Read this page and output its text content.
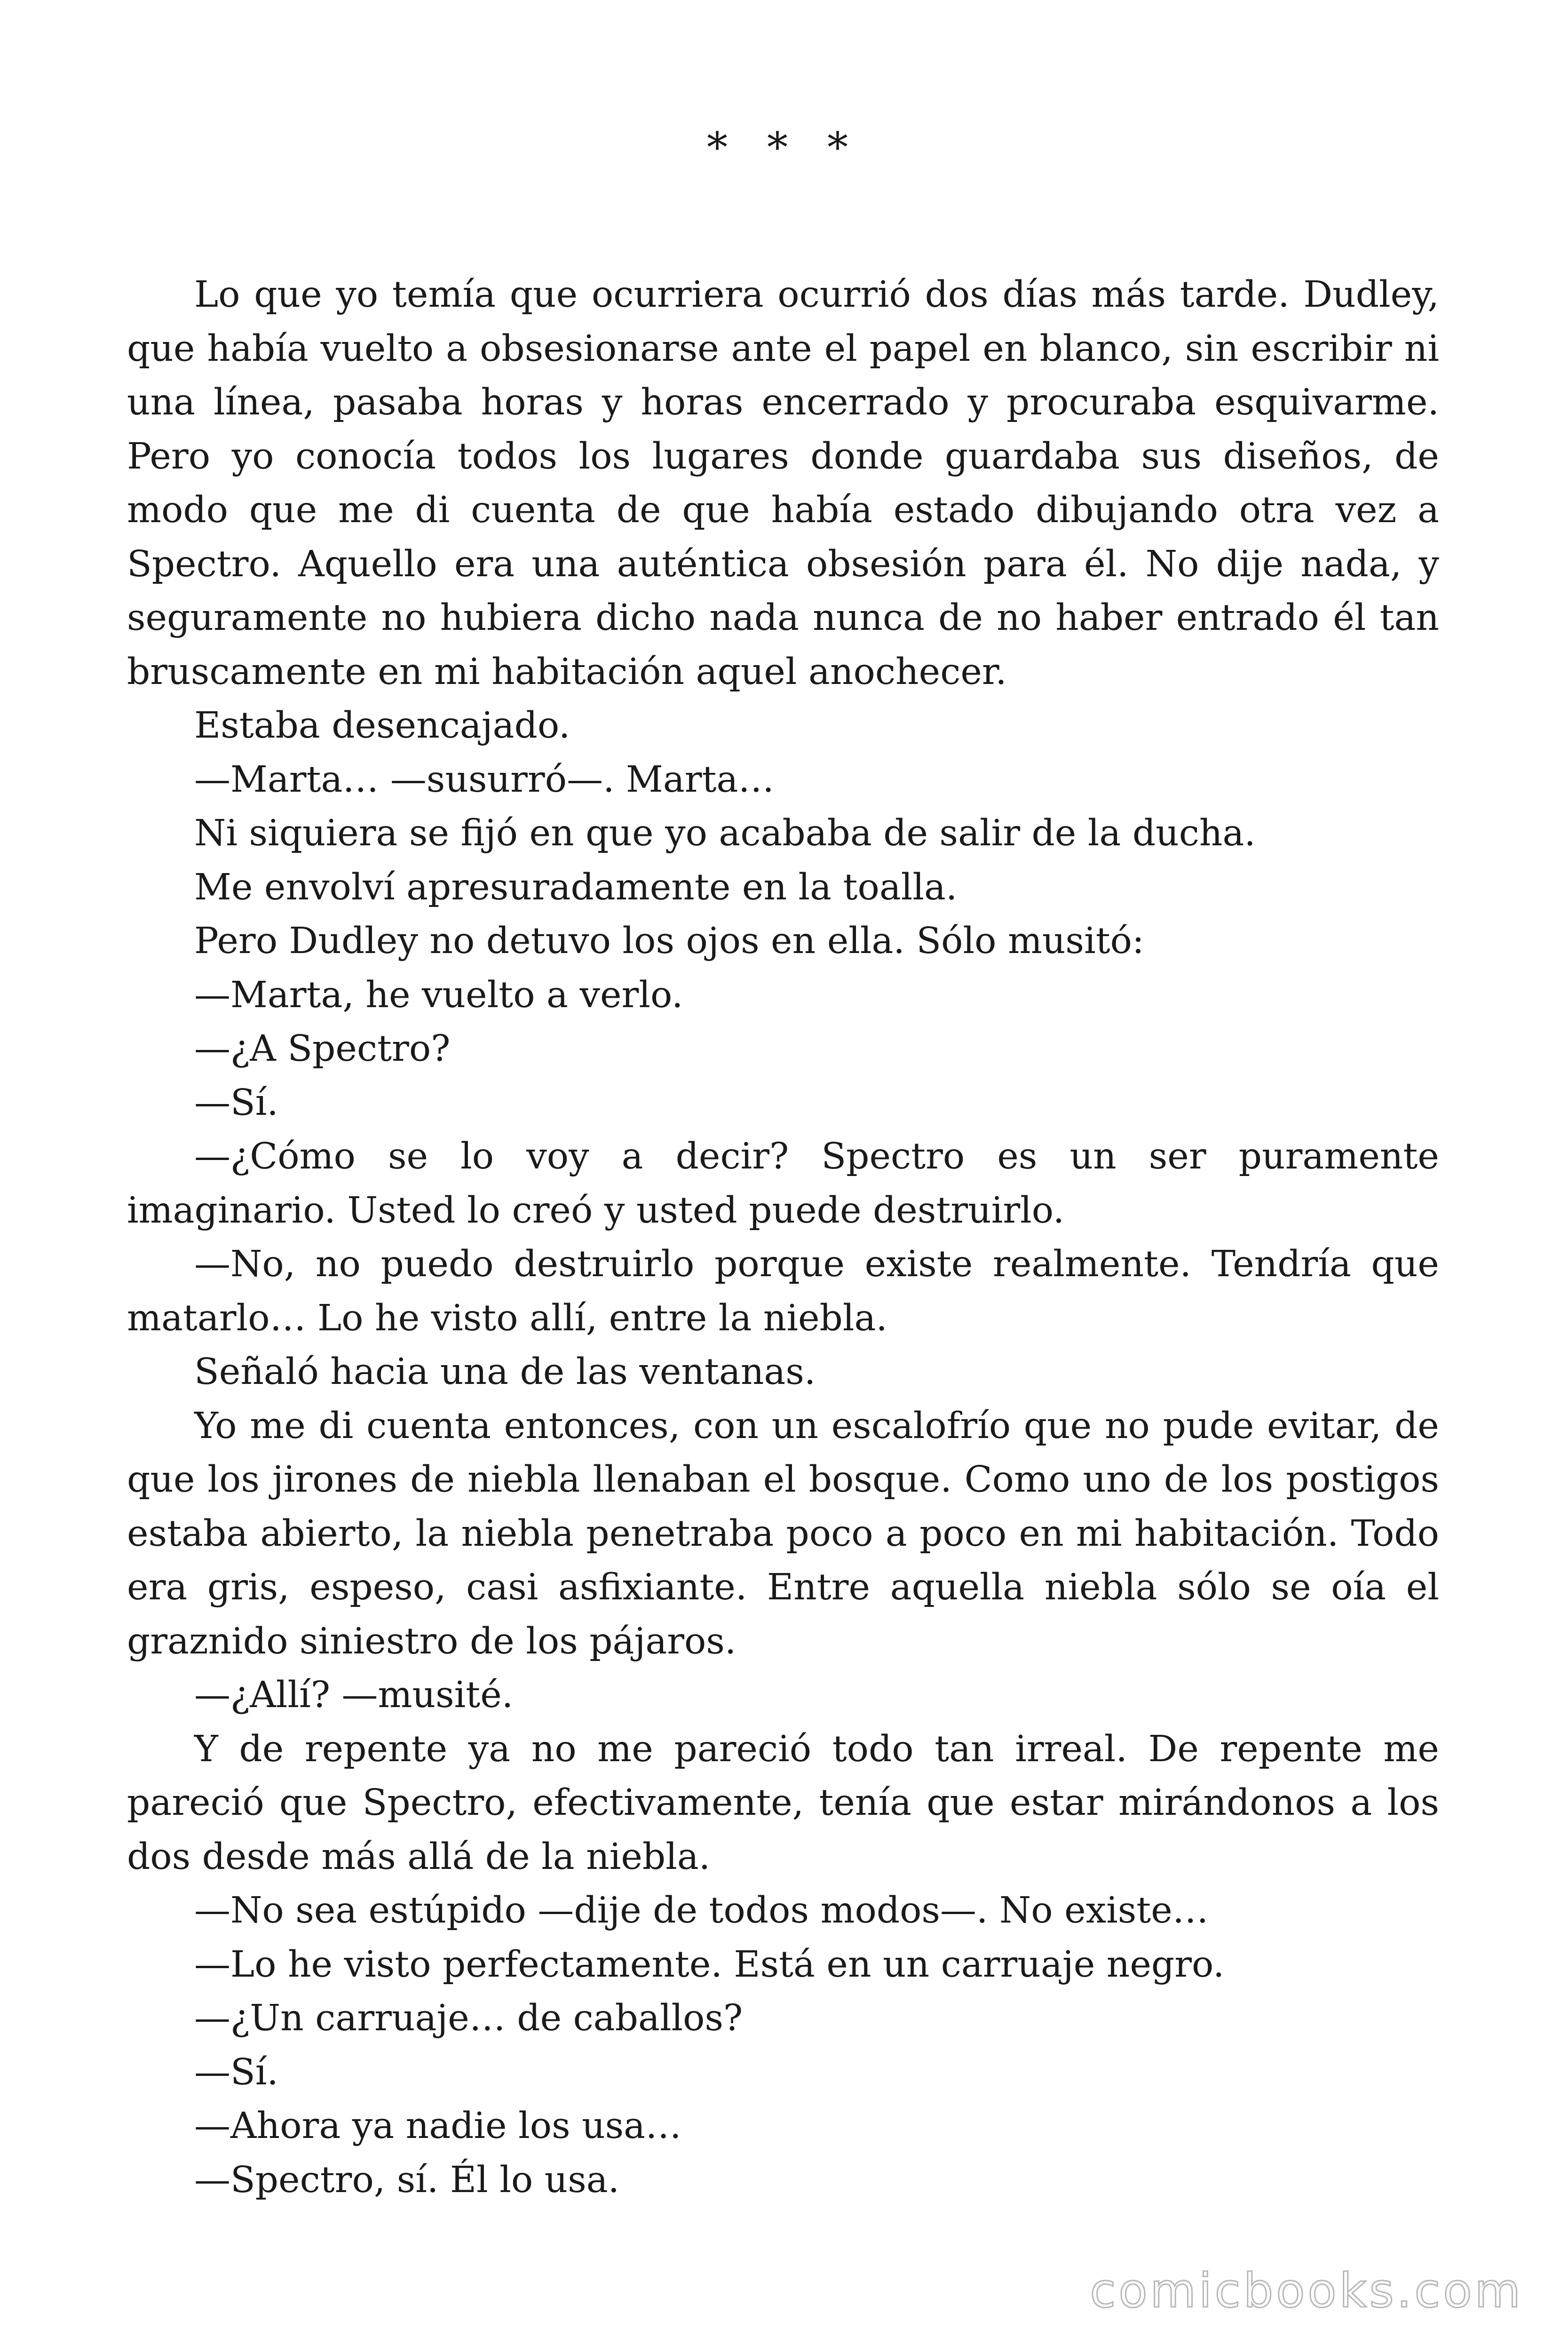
* * *

Lo que yo temía que ocurriera ocurrió dos días más tarde. Dudley, que había vuelto a obsesionarse ante el papel en blanco, sin escribir ni una línea, pasaba horas y horas encerrado y procuraba esquivarme. Pero yo conocía todos los lugares donde guardaba sus diseños, de modo que me di cuenta de que había estado dibujando otra vez a Spectro. Aquello era una auténtica obsesión para él. No dije nada, y seguramente no hubiera dicho nada nunca de no haber entrado él tan bruscamente en mi habitación aquel anochecer.

Estaba desencajado.

—Marta… —susurró—. Marta…

Ni siquiera se fijó en que yo acababa de salir de la ducha.

Me envolví apresuradamente en la toalla.

Pero Dudley no detuvo los ojos en ella. Sólo musitó:

—Marta, he vuelto a verlo.

—¿A Spectro?

—Sí.

—¿Cómo se lo voy a decir? Spectro es un ser puramente imaginario. Usted lo creó y usted puede destruirlo.

—No, no puedo destruirlo porque existe realmente. Tendría que matarlo… Lo he visto allí, entre la niebla.

Señaló hacia una de las ventanas.

Yo me di cuenta entonces, con un escalofrío que no pude evitar, de que los jirones de niebla llenaban el bosque. Como uno de los postigos estaba abierto, la niebla penetraba poco a poco en mi habitación. Todo era gris, espeso, casi asfixiante. Entre aquella niebla sólo se oía el graznido siniestro de los pájaros.

—¿Allí? —musité.

Y de repente ya no me pareció todo tan irreal. De repente me pareció que Spectro, efectivamente, tenía que estar mirándonos a los dos desde más allá de la niebla.

—No sea estúpido —dije de todos modos—. No existe…

—Lo he visto perfectamente. Está en un carruaje negro.

—¿Un carruaje… de caballos?

—Sí.

—Ahora ya nadie los usa…

—Spectro, sí. Él lo usa.

comicbooks.com
